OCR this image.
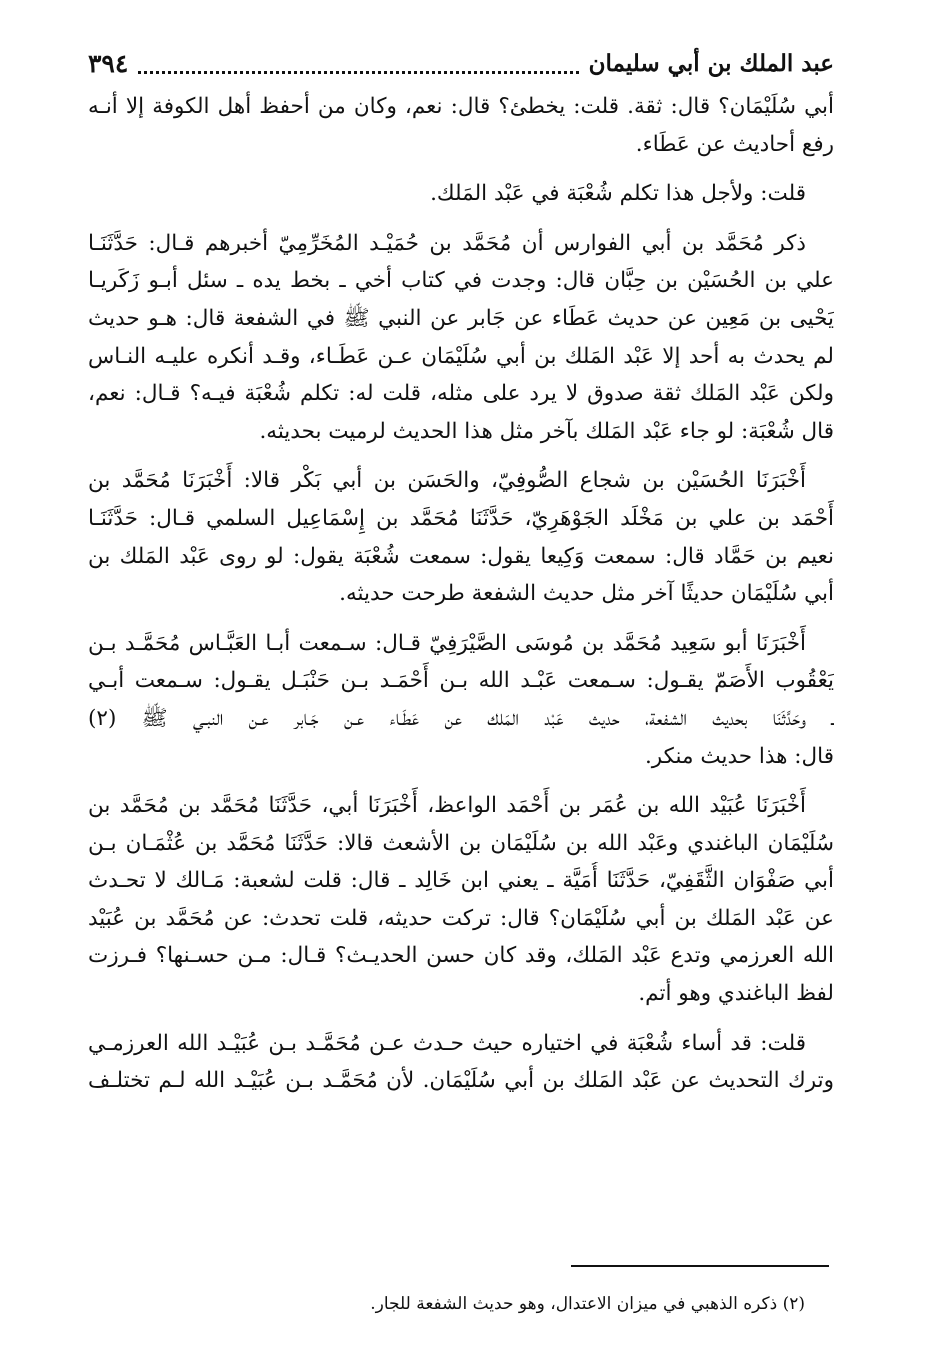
عبد الملك بن أبي سليمان
٣٩٤

أبي سُلَيْمَان؟ قال: ثقة. قلت: يخطئ؟ قال: نعم، وكان من أحفظ أهل الكوفة إلا أنـه
رفع أحاديث عن عَطَاء.

قلت: ولأجل هذا تكلم شُعْبَة في عَبْد المَلك.

ذكر مُحَمَّد بن أبي الفوارس أن مُحَمَّد بن حُمَيْـد المُخَرِّمِيّ أخبرهم قـال: حَدَّثَنَـا
علي بن الحُسَيْن بن حِبَّان قال: وجدت في كتاب أخي ـ بخط يده ـ سئل أبـو زَكَريـا
يَحْيى بن مَعِين عن حديث عَطَاء عن جَابر عن النبي ﷺ في الشفعة قال: هـو حديث
لم يحدث به أحد إلا عَبْد المَلك بن أبي سُلَيْمَان عـن عَطَـاء، وقـد أنكره عليـه النـاس
ولكن عَبْد المَلك ثقة صدوق لا يرد على مثله، قلت له: تكلم شُعْبَة فيـه؟ قـال: نعم،
قال شُعْبَة: لو جاء عَبْد المَلك بآخر مثل هذا الحديث لرميت بحديثه.

أَخْبَرَنَا الحُسَيْن بن شجاع الصُّوفِيّ، والحَسَن بن أبي بَكْر قالا: أَخْبَرَنَا مُحَمَّد بن
أَحْمَد بن علي بن مَخْلَد الجَوْهَرِيّ، حَدَّثَنَا مُحَمَّد بن إِسْمَاعِيل السلمي قـال: حَدَّثَنَـا
نعيم بن حَمَّاد قال: سمعت وَكِيعا يقول: سمعت شُعْبَة يقول: لو روى عَبْد المَلك بن
أبي سُلَيْمَان حديثًا آخر مثل حديث الشفعة طرحت حديثه.

أَخْبَرَنَا أبو سَعِيد مُحَمَّد بن مُوسَى الصَّيْرَفِيّ قـال: سـمعت أبـا العَبَّـاس مُحَمَّـد بـن
يَعْقُوب الأَصَمّ يقـول: سـمعت عَبْـد الله بـن أَحْمَـد بـن حَنْبَـل يقـول: سـمعت أبـي
ـ وحَدَّثَنَا بحديث الشفعة، حديث عَبْد المَلك عن عَطَـاء عـن جَـابر عـن النبـي ﷺ (٢)
قال: هذا حديث منكر.

أَخْبَرَنَا عُبَيْد الله بن عُمَر بن أَحْمَد الواعظ، أَخْبَرَنَا أبي، حَدَّثَنَا مُحَمَّد بن مُحَمَّد بن
سُلَيْمَان الباغندي وعَبْد الله بن سُلَيْمَان بن الأشعث قالا: حَدَّثَنَا مُحَمَّد بن عُثْمَـان بـن
أبي صَفْوَان الثَّقَفِيّ، حَدَّثَنَا أُمَيَّة ـ يعني ابن خَالِد ـ قال: قلت لشعبة: مَـالك لا تحـدث
عن عَبْد المَلك بن أبي سُلَيْمَان؟ قال: تركت حديثه، قلت تحدث: عن مُحَمَّد بن عُبَيْد
الله العرزمي وتدع عَبْد المَلك، وقد كان حسن الحديـث؟ قـال: مـن حسـنها؟ فـرزت
لفظ الباغندي وهو أتم.

قلت: قد أساء شُعْبَة في اختياره حيث حـدث عـن مُحَمَّـد بـن عُبَيْـد الله العرزمـي
وترك التحديث عن عَبْد المَلك بن أبي سُلَيْمَان. لأن مُحَمَّـد بـن عُبَيْـد الله لـم تختلـف

(٢) ذكره الذهبي في ميزان الاعتدال، وهو حديث الشفعة للجار.
